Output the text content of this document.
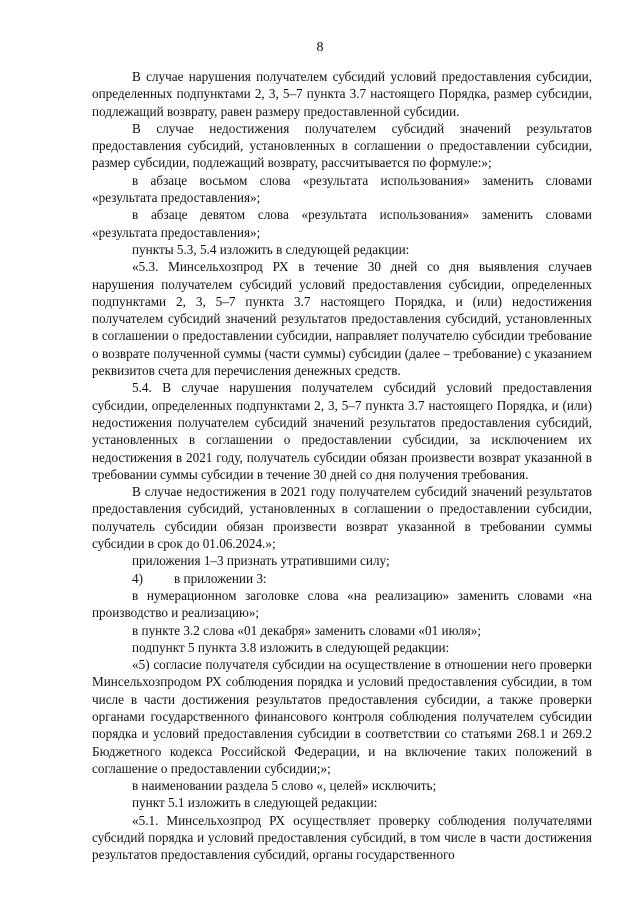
8

В случае нарушения получателем субсидий условий предоставления субсидии, определенных подпунктами 2, 3, 5–7 пункта 3.7 настоящего Порядка, размер субсидии, подлежащий возврату, равен размеру предоставленной субсидии.

В случае недостижения получателем субсидий значений результатов предоставления субсидий, установленных в соглашении о предоставлении субсидии, размер субсидии, подлежащий возврату, рассчитывается по формуле:»;

в абзаце восьмом слова «результата использования» заменить словами «результата предоставления»;

в абзаце девятом слова «результата использования» заменить словами «результата предоставления»;

пункты 5.3, 5.4 изложить в следующей редакции:

«5.3. Минсельхозпрод РХ в течение 30 дней со дня выявления случаев нарушения получателем субсидий условий предоставления субсидии, определенных подпунктами 2, 3, 5–7 пункта 3.7 настоящего Порядка, и (или) недостижения получателем субсидий значений результатов предоставления субсидий, установленных в соглашении о предоставлении субсидии, направляет получателю субсидии требование о возврате полученной суммы (части суммы) субсидии (далее – требование) с указанием реквизитов счета для перечисления денежных средств.

5.4. В случае нарушения получателем субсидий условий предоставления субсидии, определенных подпунктами 2, 3, 5–7 пункта 3.7 настоящего Порядка, и (или) недостижения получателем субсидий значений результатов предоставления субсидий, установленных в соглашении о предоставлении субсидии, за исключением их недостижения в 2021 году, получатель субсидии обязан произвести возврат указанной в требовании суммы субсидии в течение 30 дней со дня получения требования.

В случае недостижения в 2021 году получателем субсидий значений результатов предоставления субсидий, установленных в соглашении о предоставлении субсидии, получатель субсидии обязан произвести возврат указанной в требовании суммы субсидии в срок до 01.06.2024.»;

приложения 1–3 признать утратившими силу;

4) в приложении 3:

в нумерационном заголовке слова «на реализацию» заменить словами «на производство и реализацию»;

в пункте 3.2 слова «01 декабря» заменить словами «01 июля»;

подпункт 5 пункта 3.8 изложить в следующей редакции:

«5) согласие получателя субсидии на осуществление в отношении него проверки Минсельхозпродом РХ соблюдения порядка и условий предоставления субсидии, в том числе в части достижения результатов предоставления субсидии, а также проверки органами государственного финансового контроля соблюдения получателем субсидии порядка и условий предоставления субсидии в соответствии со статьями 268.1 и 269.2 Бюджетного кодекса Российской Федерации, и на включение таких положений в соглашение о предоставлении субсидии;»;

в наименовании раздела 5 слово «, целей» исключить;

пункт 5.1 изложить в следующей редакции:

«5.1. Минсельхозпрод РХ осуществляет проверку соблюдения получателями субсидий порядка и условий предоставления субсидий, в том числе в части достижения результатов предоставления субсидий, органы государственного
